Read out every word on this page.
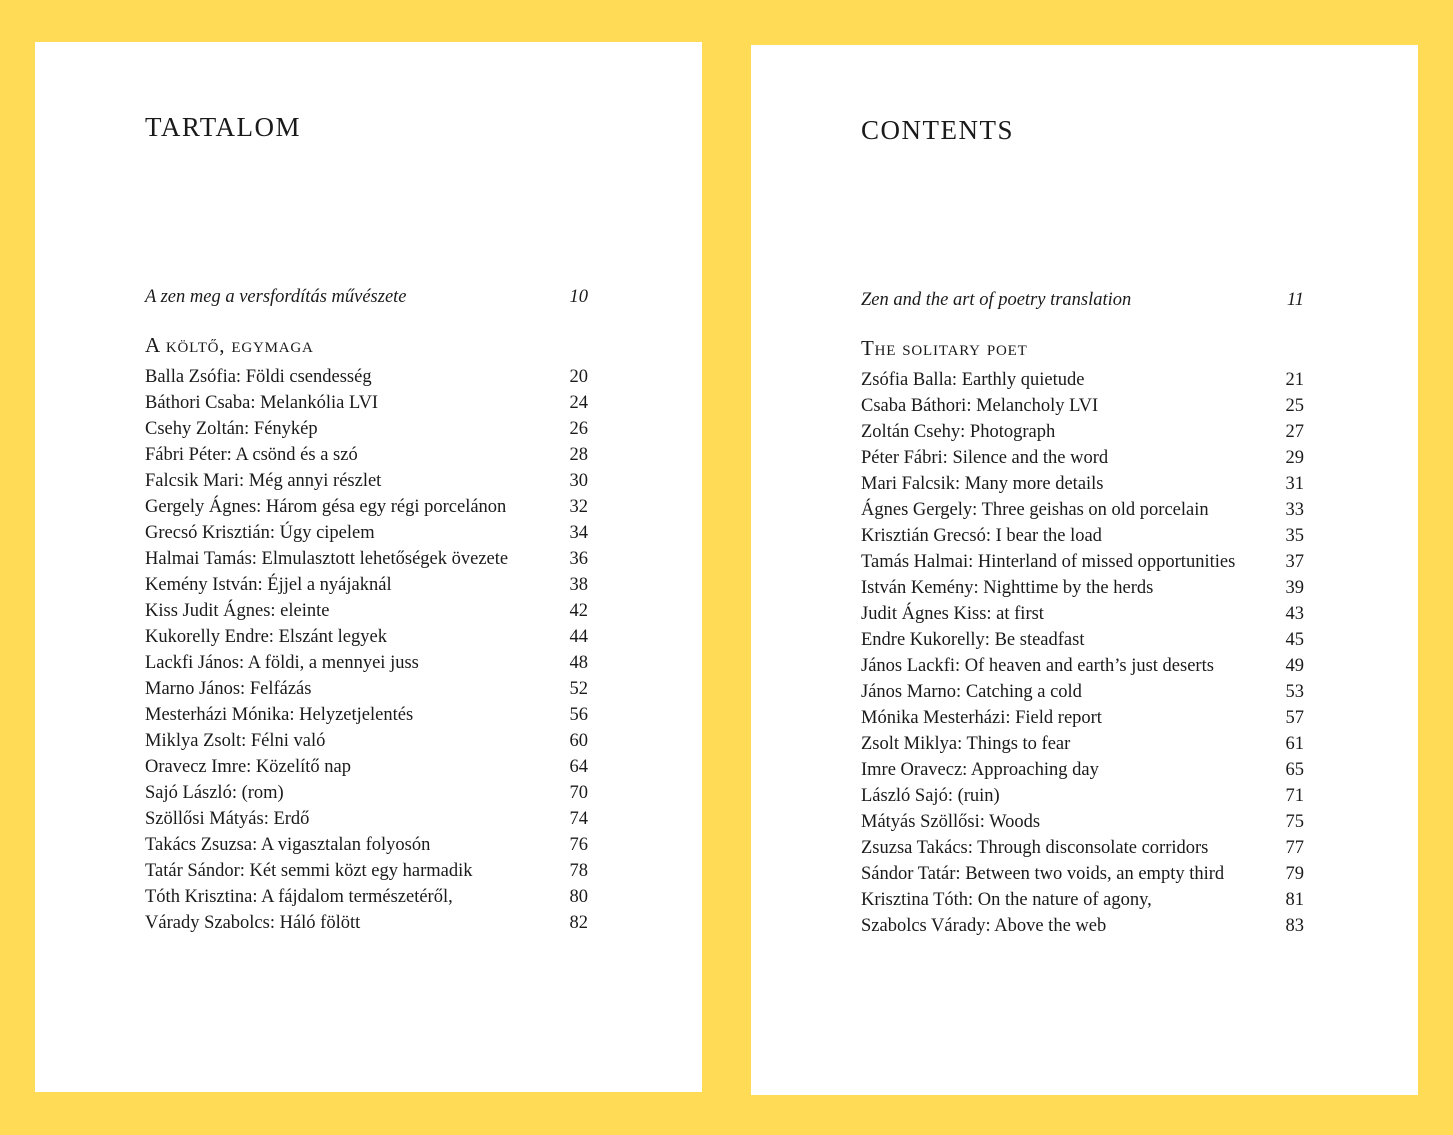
TARTALOM
A zen meg a versfordítás művészete	10
A költő, egymaga
Balla Zsófia: Földi csendesség	20
Báthori Csaba: Melankólia LVI	24
Csehy Zoltán: Fénykép	26
Fábri Péter: A csönd és a szó	28
Falcsik Mari: Még annyi részlet	30
Gergely Ágnes: Három gésa egy régi porcelánon	32
Grecsó Krisztián: Úgy cipelem	34
Halmai Tamás: Elmulasztott lehetőségek övezete	36
Kemény István: Éjjel a nyájaknál	38
Kiss Judit Ágnes: eleinte	42
Kukorelly Endre: Elszánt legyek	44
Lackfi János: A földi, a mennyei juss	48
Marno János: Felfázás	52
Mesterházi Mónika: Helyzetjelentés	56
Miklya Zsolt: Félni való	60
Oravecz Imre: Közelítő nap	64
Sajó László: (rom)	70
Szöllősi Mátyás: Erdő	74
Takács Zsuzsa: A vigasztalan folyosón	76
Tatár Sándor: Két semmi közt egy harmadik	78
Tóth Krisztina: A fájdalom természetéről,	80
Várady Szabolcs: Háló fölött	82
CONTENTS
Zen and the art of poetry translation	11
The solitary poet
Zsófia Balla: Earthly quietude	21
Csaba Báthori: Melancholy LVI	25
Zoltán Csehy: Photograph	27
Péter Fábri: Silence and the word	29
Mari Falcsik: Many more details	31
Ágnes Gergely: Three geishas on old porcelain	33
Krisztián Grecsó: I bear the load	35
Tamás Halmai: Hinterland of missed opportunities	37
István Kemény: Nighttime by the herds	39
Judit Ágnes Kiss: at first	43
Endre Kukorelly: Be steadfast	45
János Lackfi: Of heaven and earth’s just deserts	49
János Marno: Catching a cold	53
Mónika Mesterházi: Field report	57
Zsolt Miklya: Things to fear	61
Imre Oravecz: Approaching day	65
László Sajó: (ruin)	71
Mátyás Szöllősi: Woods	75
Zsuzsa Takács: Through disconsolate corridors	77
Sándor Tatár: Between two voids, an empty third	79
Krisztina Tóth: On the nature of agony,	81
Szabolcs Várady: Above the web	83
